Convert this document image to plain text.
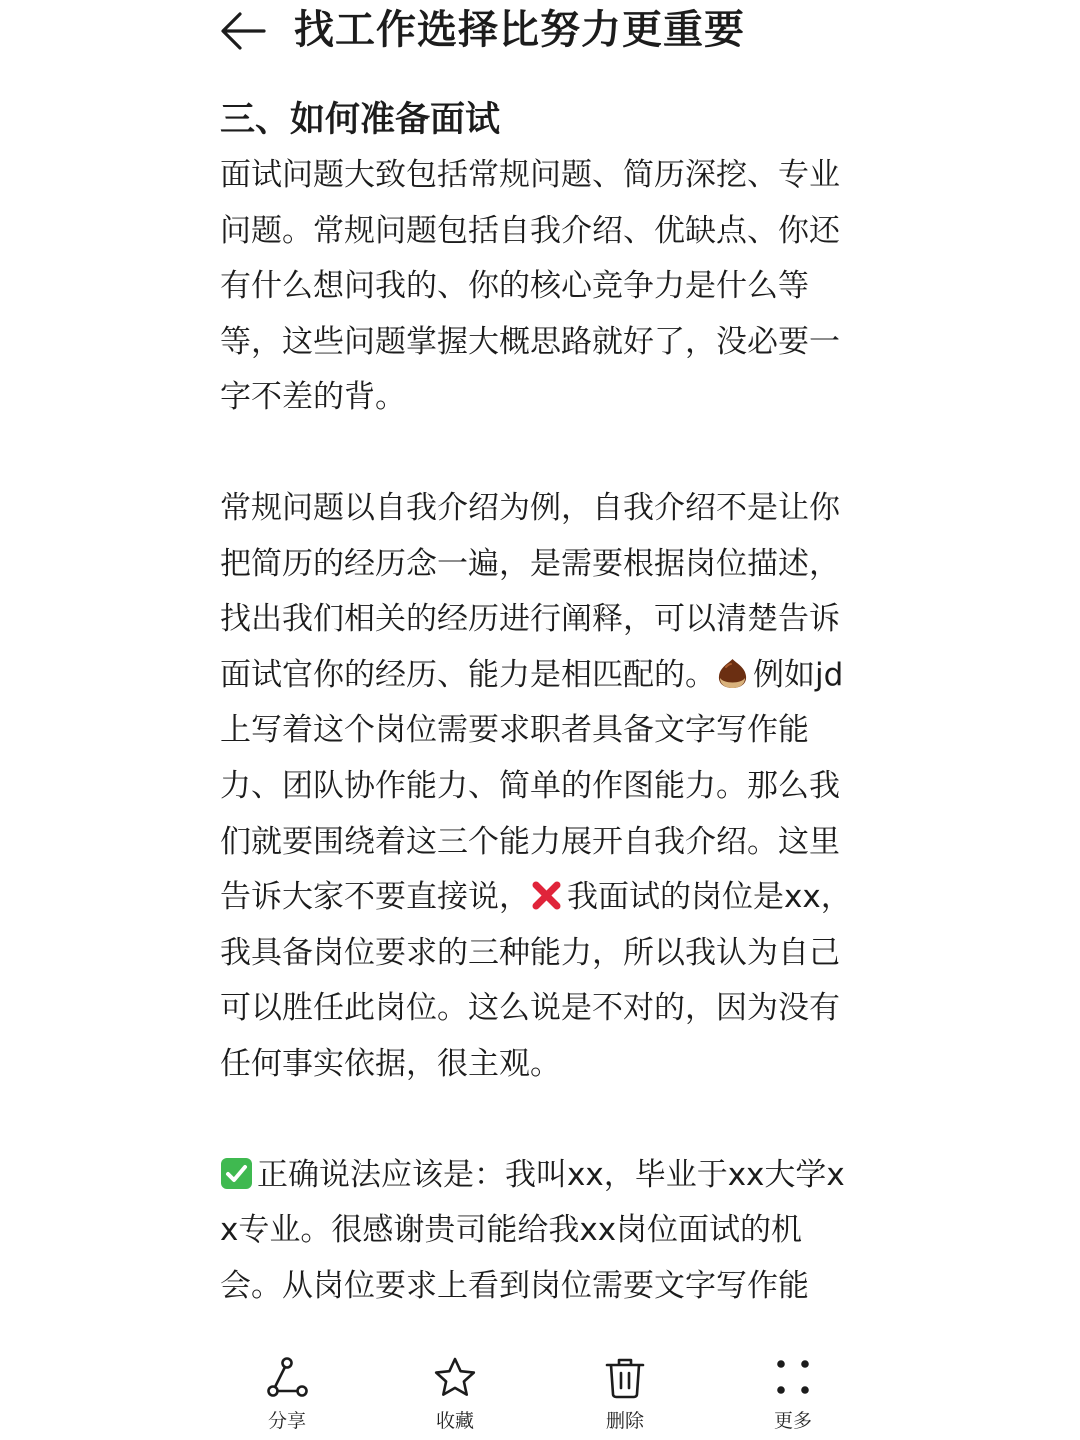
找工作选择比努力更重要
三、如何准备面试

面试问题大致包括常规问题、简历深挖、专业问题。常规问题包括自我介绍、优缺点、你还有什么想问我的、你的核心竞争力是什么等等，这些问题掌握大概思路就好了，没必要一字不差的背。

常规问题以自我介绍为例，自我介绍不是让你把简历的经历念一遍，是需要根据岗位描述，找出我们相关的经历进行阐释，可以清楚告诉面试官你的经历、能力是相匹配的。 例如jd上写着这个岗位需要求职者具备文字写作能力、团队协作能力、简单的作图能力。那么我们就要围绕着这三个能力展开自我介绍。这里告诉大家不要直接说， 我面试的岗位是xx，我具备岗位要求的三种能力，所以我认为自己可以胜任此岗位。这么说是不对的，因为没有任何事实依据，很主观。

正确说法应该是：我叫xx，毕业于xx大学xx专业。很感谢贵司能给我xx岗位面试的机会。从岗位要求上看到岗位需要文字写作能

分享	收藏	删除	更多
